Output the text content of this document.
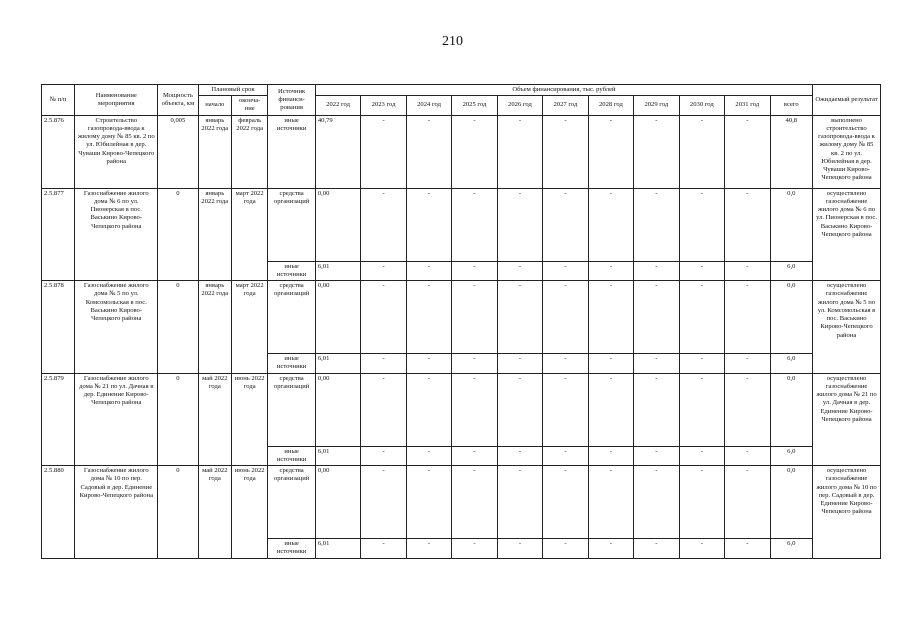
210
№ п/п	Наименование мероприятия	Мощность объекта, км	Плановый срок		Источник финанси-рования	Объем финансирования, тыс. рублей											Ожидаемый результат
			начало	оконча-ние		2022 год	2023 год	2024 год	2025 год	2026 год	2027 год	2028 год	2029 год	2030 год	2031 год	всего	
2.5.876	Строительство газопровода-ввода к жилому дому № 85 кв. 2 по ул. Юбилейная в дер. Чуваши Кирово-Чепецкого района	0,005	январь 2022 года	февраль 2022 года	иные источники	40,79	-	-	-	-	-	-	-	-	-	40,8	выполнено строительство газопровода-ввода к жилому дому № 85 кв. 2 по ул. Юбилейная в дер. Чуваши Кирово-Чепецкого района
2.5.877	Газоснабжение жилого дома № 6 по ул. Пионерская в пос. Васькино Кирово-Чепецкого района	0	январь 2022 года	март 2022 года	средства организаций	0,00	-	-	-	-	-	-	-	-	-	0,0	осуществлено газоснабжение жилого дома № 6 по ул. Пионерская в пос. Васькино Кирово-Чепецкого района
					иные источники	6,01	-	-	-	-	-	-	-	-	-	6,0	
2.5.878	Газоснабжение жилого дома № 5 по ул. Комсомольская в пос. Васькино Кирово-Чепецкого района	0	январь 2022 года	март 2022 года	средства организаций	0,00	-	-	-	-	-	-	-	-	-	0,0	осуществлено газоснабжение жилого дома № 5 по ул. Комсомольская в пос. Васькино Кирово-Чепецкого района
					иные источники	6,01	-	-	-	-	-	-	-	-	-	6,0	
2.5.879	Газоснабжение жилого дома № 21 по ул. Дачная в дер. Единение Кирово-Чепецкого района	0	май 2022 года	июнь 2022 года	средства организаций	0,00	-	-	-	-	-	-	-	-	-	0,0	осуществлено газоснабжение жилого дома № 21 по ул. Дачная в дер. Единение Кирово-Чепецкого района
					иные источники	6,01	-	-	-	-	-	-	-	-	-	6,0	
2.5.880	Газоснабжение жилого дома № 10 по пер. Садовый в дер. Единение Кирово-Чепецкого района	0	май 2022 года	июнь 2022 года	средства организаций	0,00	-	-	-	-	-	-	-	-	-	0,0	осуществлено газоснабжение жилого дома № 10 по пер. Садовый в дер. Единение Кирово-Чепецкого района
					иные источники	6,01	-	-	-	-	-	-	-	-	-	6,0	
